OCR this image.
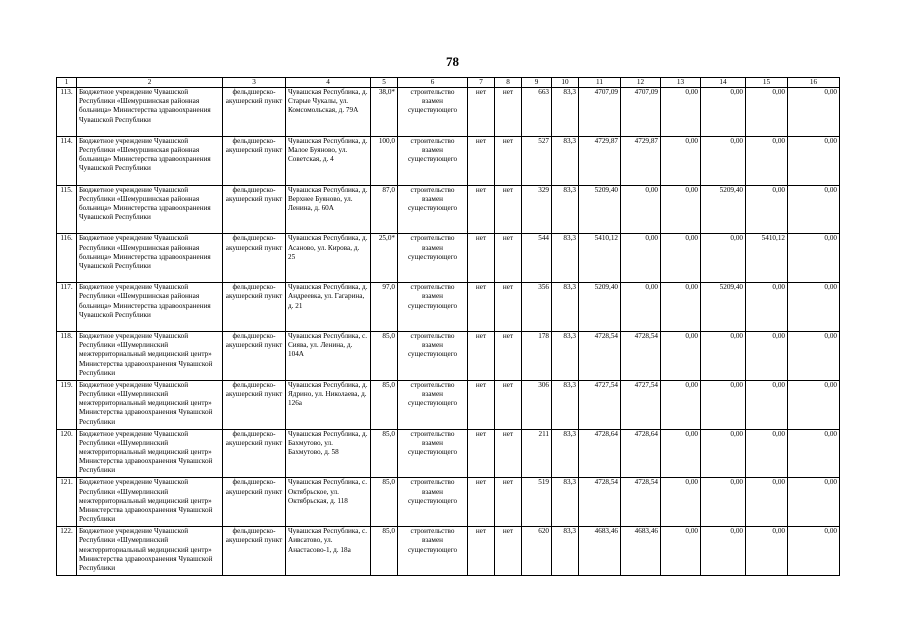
78
1	2	3	4	5	6	7	8	9	10	11	12	13	14	15	16
113.	Бюджетное учреждение Чувашской Республики «Шемуршинская районная больница» Министерства здравоохранения Чувашской Республики	фельдшерско-акушерский пункт	Чувашская Республика, д. Старые Чукалы, ул. Комсомольская, д. 79А	38,0*	строительство взамен существующего	нет	нет	663	83,3	4707,09	4707,09	0,00	0,00	0,00	0,00
114.	Бюджетное учреждение Чувашской Республики «Шемуршинская районная больница» Министерства здравоохранения Чувашской Республики	фельдшерско-акушерский пункт	Чувашская Республика, д. Малое Буяново, ул. Советская, д. 4	100,0	строительство взамен существующего	нет	нет	527	83,3	4729,87	4729,87	0,00	0,00	0,00	0,00
115.	Бюджетное учреждение Чувашской Республики «Шемуршинская районная больница» Министерства здравоохранения Чувашской Республики	фельдшерско-акушерский пункт	Чувашская Республика, д. Верхнее Буяново, ул. Ленина, д. 60А	87,0	строительство взамен существующего	нет	нет	329	83,3	5209,40	0,00	0,00	5209,40	0,00	0,00
116.	Бюджетное учреждение Чувашской Республики «Шемуршинская районная больница» Министерства здравоохранения Чувашской Республики	фельдшерско-акушерский пункт	Чувашская Республика, д. Асаново, ул. Кирова, д. 25	25,0*	строительство взамен существующего	нет	нет	544	83,3	5410,12	0,00	0,00	0,00	5410,12	0,00
117.	Бюджетное учреждение Чувашской Республики «Шемуршинская районная больница» Министерства здравоохранения Чувашской Республики	фельдшерско-акушерский пункт	Чувашская Республика, д. Андреевка, ул. Гагарина, д. 21	97,0	строительство взамен существующего	нет	нет	356	83,3	5209,40	0,00	0,00	5209,40	0,00	0,00
118.	Бюджетное учреждение Чувашской Республики «Шумерлинский межтерриториальный медицинский центр» Министерства здравоохранения Чувашской Республики	фельдшерско-акушерский пункт	Чувашская Республика, с. Сиява, ул. Ленина, д. 104А	85,0	строительство взамен существующего	нет	нет	178	83,3	4728,54	4728,54	0,00	0,00	0,00	0,00
119.	Бюджетное учреждение Чувашской Республики «Шумерлинский межтерриториальный медицинский центр» Министерства здравоохранения Чувашской Республики	фельдшерско-акушерский пункт	Чувашская Республика, д. Ядрино, ул. Николаева, д. 126а	85,0	строительство взамен существующего	нет	нет	306	83,3	4727,54	4727,54	0,00	0,00	0,00	0,00
120.	Бюджетное учреждение Чувашской Республики «Шумерлинский межтерриториальный медицинский центр» Министерства здравоохранения Чувашской Республики	фельдшерско-акушерский пункт	Чувашская Республика, д. Бахмутово, ул. Бахмутово, д. 58	85,0	строительство взамен существующего	нет	нет	211	83,3	4728,64	4728,64	0,00	0,00	0,00	0,00
121.	Бюджетное учреждение Чувашской Республики «Шумерлинский межтерриториальный медицинский центр» Министерства здравоохранения Чувашской Республики	фельдшерско-акушерский пункт	Чувашская Республика, с. Октябрьское, ул. Октябрьская, д. 118	85,0	строительство взамен существующего	нет	нет	519	83,3	4728,54	4728,54	0,00	0,00	0,00	0,00
122.	Бюджетное учреждение Чувашской Республики «Шумерлинский межтерриториальный медицинский центр» Министерства здравоохранения Чувашской Республики	фельдшерско-акушерский пункт	Чувашская Республика, с. Аивсатово, ул. Анастасово-1, д. 18а	85,0	строительство взамен существующего	нет	нет	620	83,3	4683,46	4683,46	0,00	0,00	0,00	0,00
